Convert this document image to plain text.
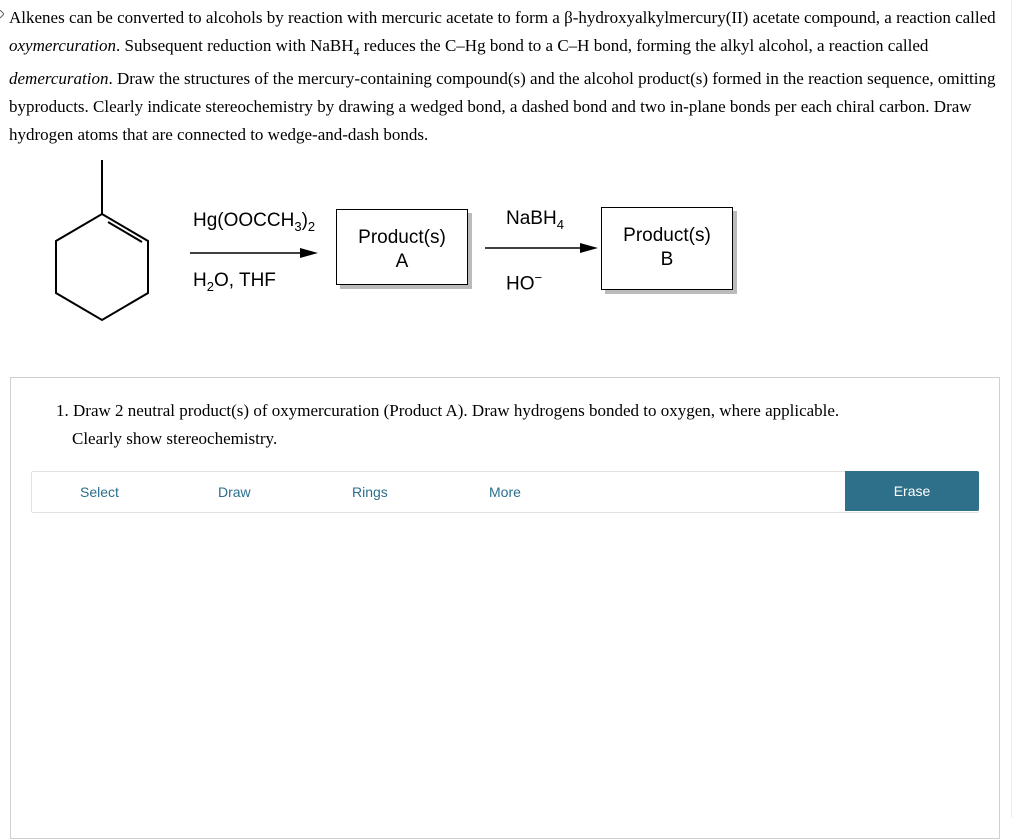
Alkenes can be converted to alcohols by reaction with mercuric acetate to form a β-hydroxyalkylmercury(II) acetate compound, a reaction called oxymercuration. Subsequent reduction with NaBH$_4$ reduces the C–Hg bond to a C–H bond, forming the alkyl alcohol, a reaction called demercuration. Draw the structures of the mercury-containing compound(s) and the alcohol product(s) formed in the reaction sequence, omitting byproducts. Clearly indicate stereochemistry by drawing a wedged bond, a dashed bond and two in-plane bonds per each chiral carbon. Draw hydrogen atoms that are connected to wedge-and-dash bonds.

$Hg(OOCCH_3)_2$
$H_2O$, THF
Product(s)
A
NaBH$_4$
HO−
Product(s)
B
1. Draw 2 neutral product(s) of oxymercuration (Product A). Draw hydrogens bonded to oxygen, where applicable.
Clearly show stereochemistry.
Select	Draw	Rings	More	Erase
